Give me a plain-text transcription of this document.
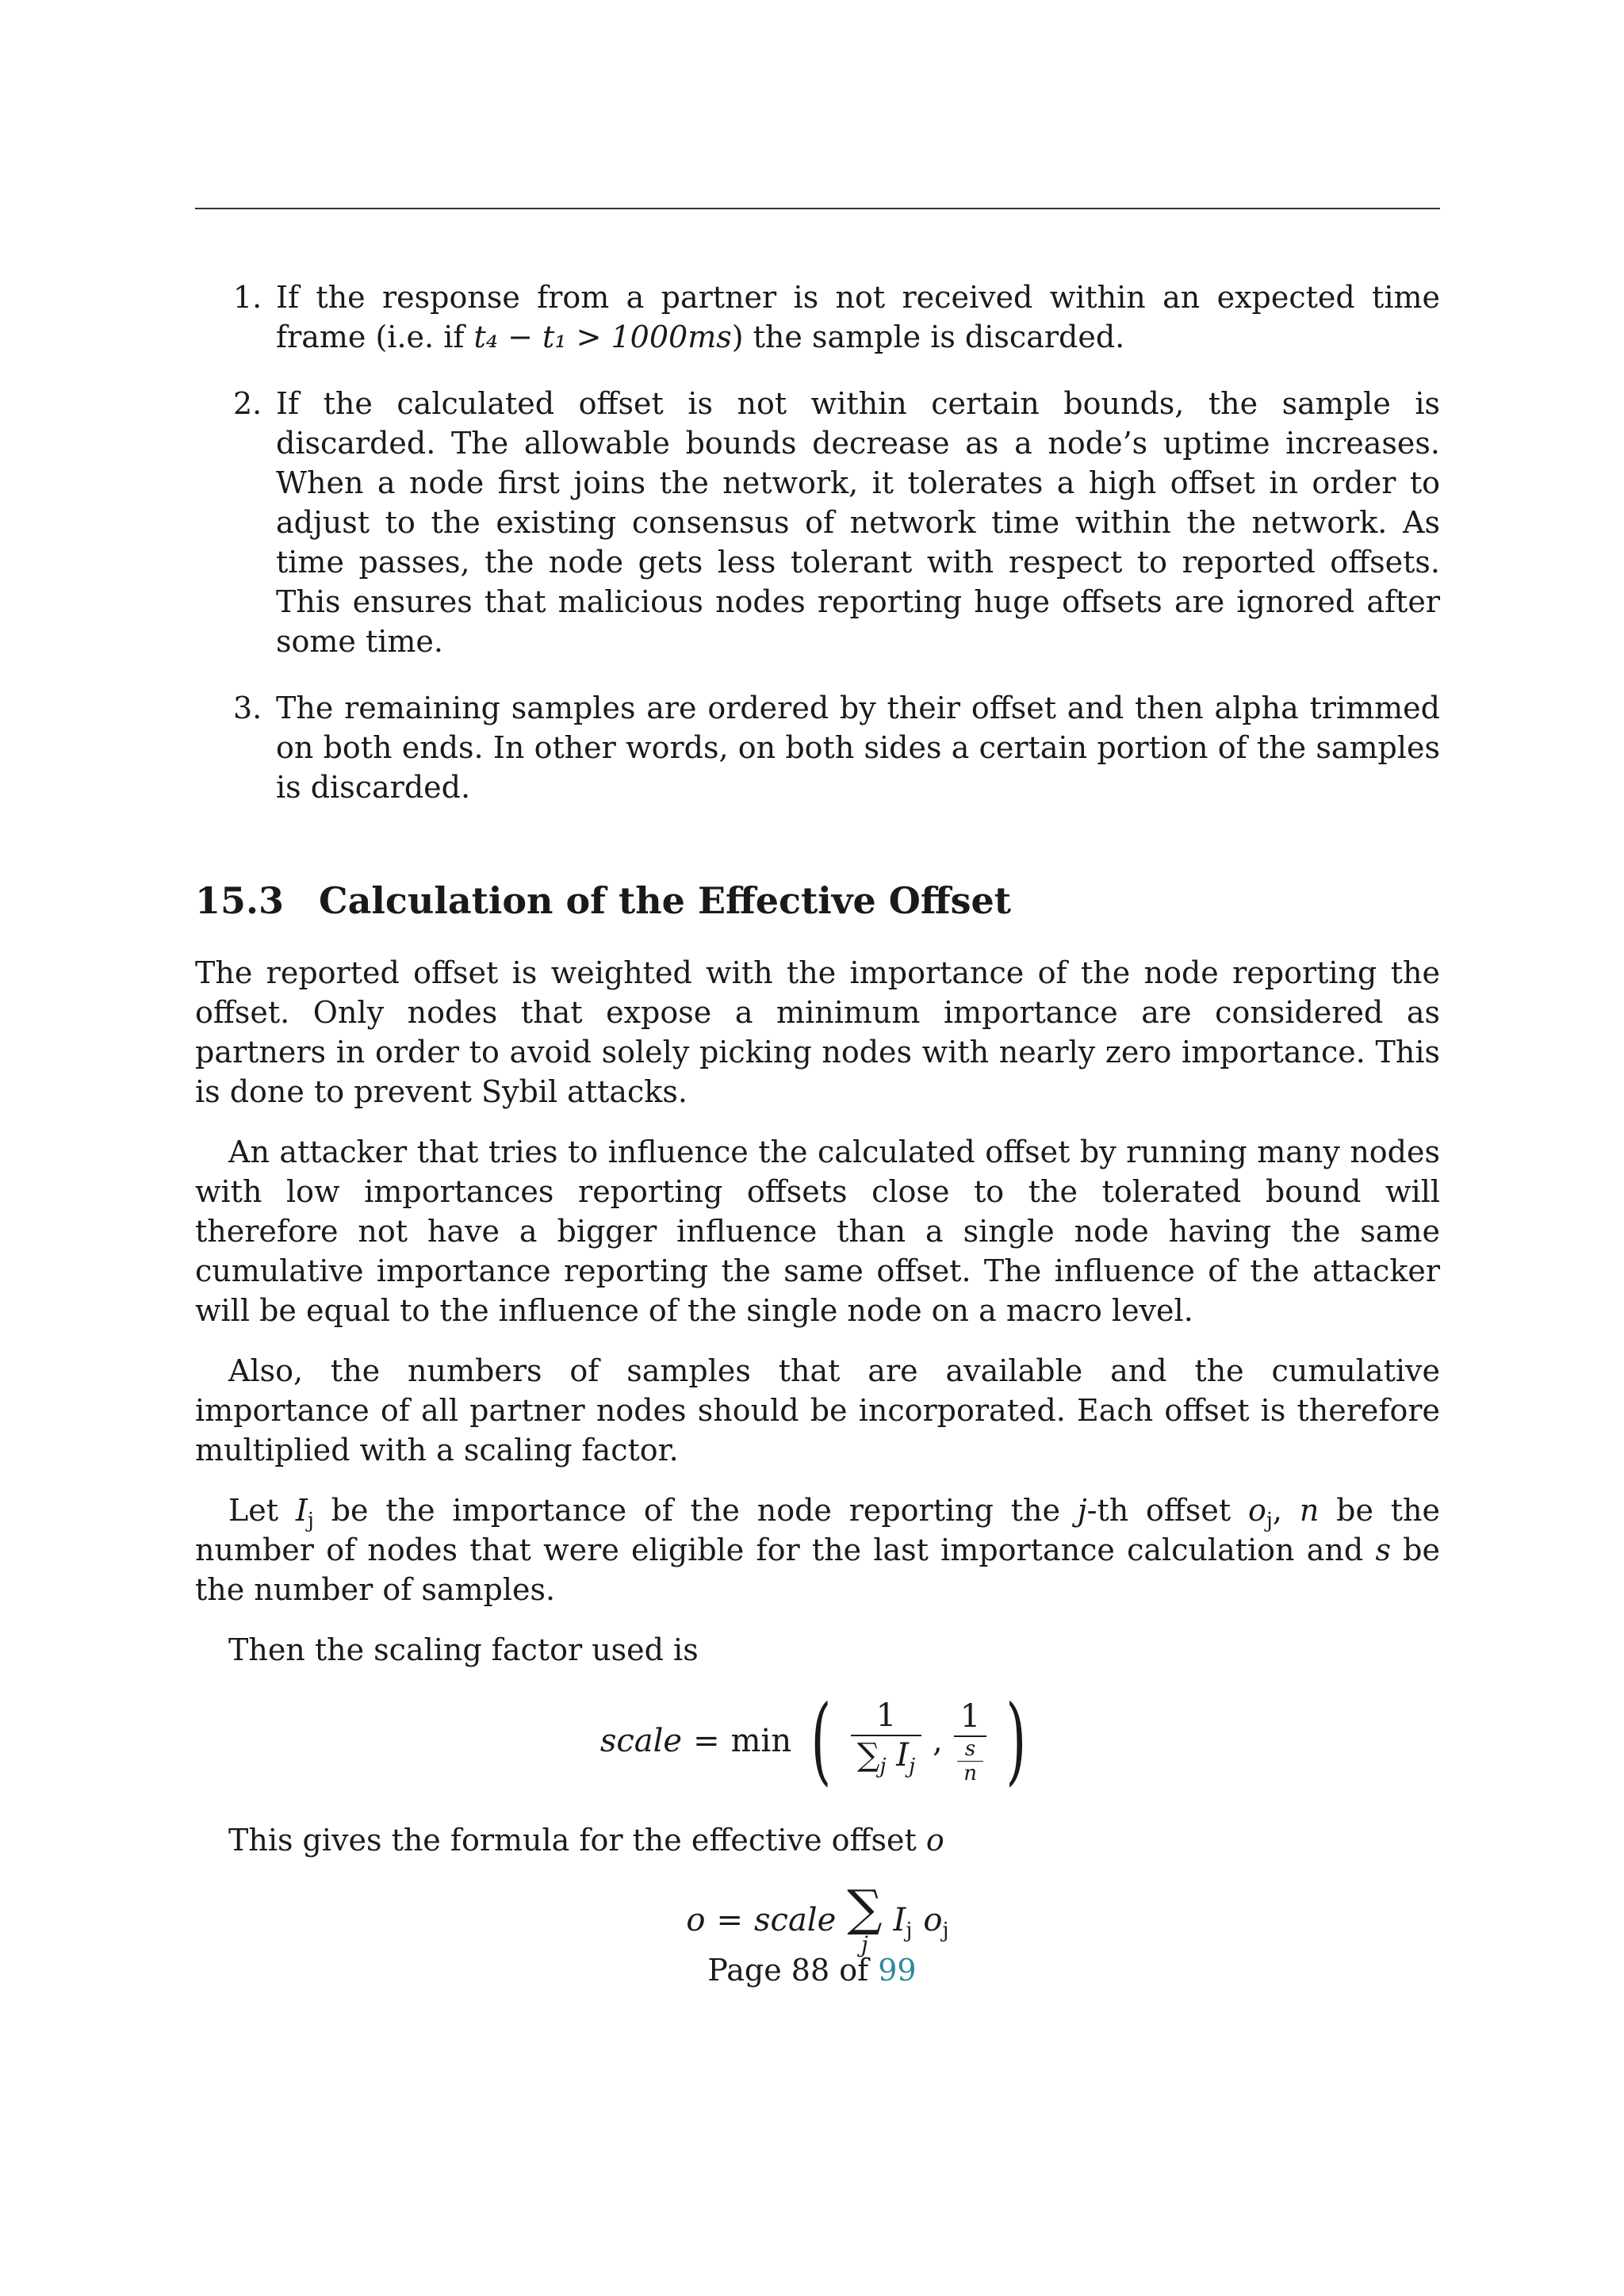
1. If the response from a partner is not received within an expected time frame (i.e. if t₄ − t₁ > 1000ms) the sample is discarded.
2. If the calculated offset is not within certain bounds, the sample is discarded. The allowable bounds decrease as a node’s uptime increases. When a node first joins the network, it tolerates a high offset in order to adjust to the existing consensus of network time within the network. As time passes, the node gets less tolerant with respect to reported offsets. This ensures that malicious nodes reporting huge offsets are ignored after some time.
3. The remaining samples are ordered by their offset and then alpha trimmed on both ends. In other words, on both sides a certain portion of the samples is discarded.
15.3 Calculation of the Effective Offset

The reported offset is weighted with the importance of the node reporting the offset. Only nodes that expose a minimum importance are considered as partners in order to avoid solely picking nodes with nearly zero importance. This is done to prevent Sybil attacks.

An attacker that tries to influence the calculated offset by running many nodes with low importances reporting offsets close to the tolerated bound will therefore not have a bigger influence than a single node having the same cumulative importance reporting the same offset. The influence of the attacker will be equal to the influence of the single node on a macro level.

Also, the numbers of samples that are available and the cumulative importance of all partner nodes should be incorporated. Each offset is therefore multiplied with a scaling factor.

Let $I_j$ be the importance of the node reporting the j-th offset $o_j$, n be the number of nodes that were eligible for the last importance calculation and s be the number of samples.

Then the scaling factor used is

scale = min ( $\frac{1}{\sum_j I_j}$ , $\frac{1}{\frac{s}{n}}$ )

This gives the formula for the effective offset o

o = scale ∑
j
$I_j$ $o_j$
Page 88 of 99
